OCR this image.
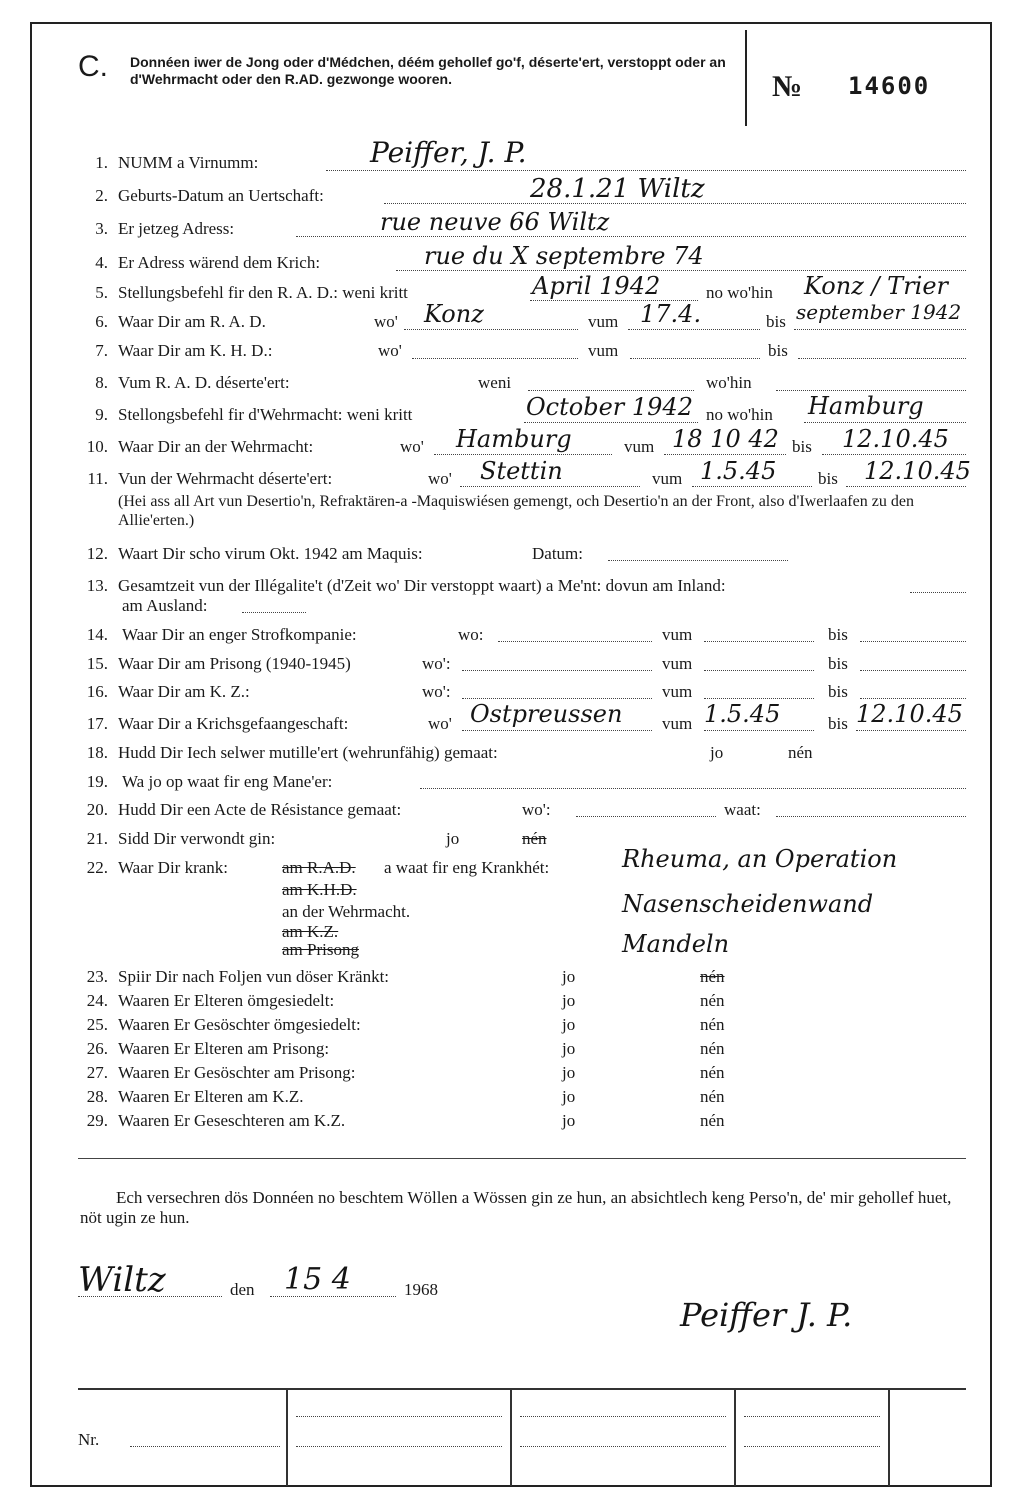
C. Donnéen iwer de Jong oder d'Médchen, déém gehollef go'f, déserte'ert, verstoppt oder an d'Wehrmacht oder den R.AD. gezwonge wooren.	№ 14600
1. NUMM a Virnumm:	Peiffer, J. P.
2. Geburts-Datum an Uertschaft:	28.1.21 Wiltz
3. Er jetzeg Adress:	rue neuve 66 Wiltz
4. Er Adress wärend dem Krich:	rue du X septembre 74
5. Stellungsbefehl fir den R. A. D.: weni kritt	April 1942	no wo'hin Konz / Trier
6. Waar Dir am R. A. D.	wo' Konz	vum 17.4.	bis september 1942
7. Waar Dir am K. H. D.:	wo'	vum	bis
8. Vum R. A. D. déserte'ert:	weni	wo'hin
9. Stellongsbefehl fir d'Wehrmacht: weni kritt	October 1942 no wo'hin Hamburg
10. Waar Dir an der Wehrmacht:	wo' Hamburg	vum 18 10 42 bis 12.10.45
11. Vun der Wehrmacht déserte'ert:	wo' Stettin	vum 1.5.45 bis 12.10.45
(Hei ass all Art vun Desertio'n, Refraktären-a -Maquiswiésen gemengt, och Desertio'n an der Front, also d'Iwerlaafen zu den Allie'erten.)
12. Waart Dir scho virum Okt. 1942 am Maquis:	Datum:
13. Gesamtzeit vun der Illégalite't (d'Zeit wo' Dir verstoppt waart) a Me'nt: dovun am Inland:
am Ausland:
14. Waar Dir an enger Strofkompanie:	wo:	vum	bis
15. Waar Dir am Prisong (1940-1945)	wo':	vum	bis
16. Waar Dir am K. Z.:	wo':	vum	bis
17. Waar Dir a Krichsgefaangeschaft:	wo' Ostpreussen vum 1.5.45	bis 12.10.45
18. Hudd Dir Iech selwer mutille'ert (wehrunfähig) gemaat:	jo	nén
19. Wa jo op waat fir eng Mane'er:
20. Hudd Dir een Acte de Résistance gemaat:	wo':	waat:
21. Sidd Dir verwondt gin:	jo	nén
22. Waar Dir krank:	am R.A.D. a waat fir eng Krankhét:	Rheuma, an Operation
am K.H.D.
an der Wehrmacht.	Nasenscheidenwand
am K.Z.
am Prisong	Mandeln
23. Spiir Dir nach Foljen vun döser Kränkt:	jo	nén
24. Waaren Er Elteren ömgesiedelt:	jo	nén
25. Waaren Er Gesöschter ömgesiedelt:	jo	nén
26. Waaren Er Elteren am Prisong:	jo	nén
27. Waaren Er Gesöschter am Prisong:	jo	nén
28. Waaren Er Elteren am K.Z.	jo	nén
29. Waaren Er Geseschteren am K.Z.	jo	nén
Ech versechren dös Donnéen no beschtem Wöllen a Wössen gin ze hun, an absichtlech keng Perso'n, de' mir gehollef huet, nöt ugin ze hun.
Wiltz	den 15 4	1968
Peiffer J. P.
Nr.
